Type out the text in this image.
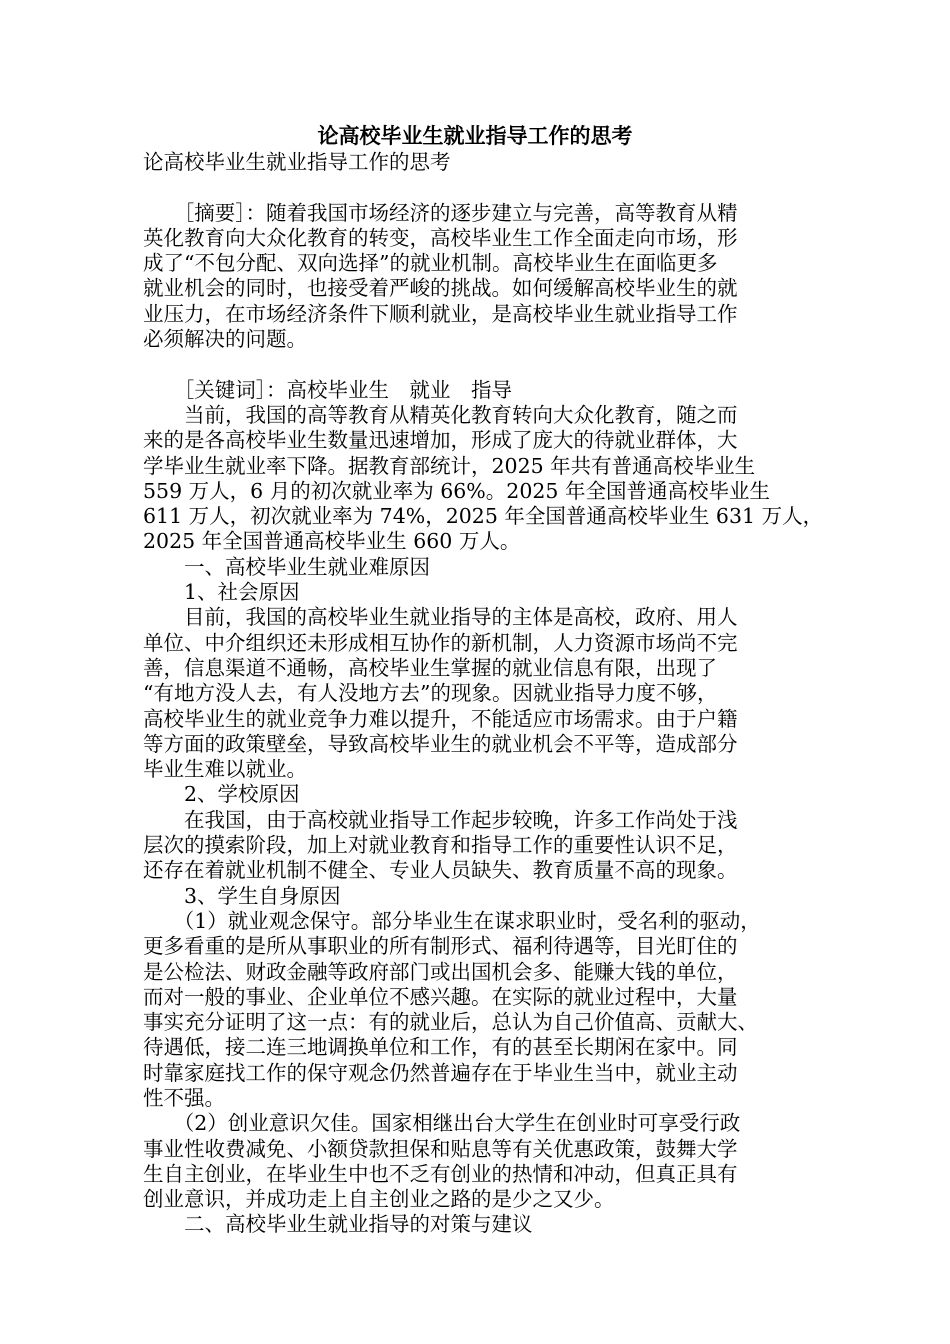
论高校毕业生就业指导工作的思考
论高校毕业生就业指导工作的思考
　　［摘要］：随着我国市场经济的逐步建立与完善，高等教育从精
英化教育向大众化教育的转变，高校毕业生工作全面走向市场，形
成了“不包分配、双向选择”的就业机制。高校毕业生在面临更多
就业机会的同时，也接受着严峻的挑战。如何缓解高校毕业生的就
业压力，在市场经济条件下顺利就业，是高校毕业生就业指导工作
必须解决的问题。
　　［关键词］：高校毕业生　就业　指导
　　当前，我国的高等教育从精英化教育转向大众化教育，随之而
来的是各高校毕业生数量迅速增加，形成了庞大的待就业群体，大
学毕业生就业率下降。据教育部统计，2025 年共有普通高校毕业生
559 万人，6 月的初次就业率为 66%。2025 年全国普通高校毕业生
611 万人，初次就业率为 74%，2025 年全国普通高校毕业生 631 万人，
2025 年全国普通高校毕业生 660 万人。
　　一、高校毕业生就业难原因
　　1、社会原因
　　目前，我国的高校毕业生就业指导的主体是高校，政府、用人
单位、中介组织还未形成相互协作的新机制，人力资源市场尚不完
善，信息渠道不通畅，高校毕业生掌握的就业信息有限，出现了
“有地方没人去，有人没地方去”的现象。因就业指导力度不够，
高校毕业生的就业竞争力难以提升，不能适应市场需求。由于户籍
等方面的政策壁垒，导致高校毕业生的就业机会不平等，造成部分
毕业生难以就业。
　　2、学校原因
　　在我国，由于高校就业指导工作起步较晚，许多工作尚处于浅
层次的摸索阶段，加上对就业教育和指导工作的重要性认识不足，
还存在着就业机制不健全、专业人员缺失、教育质量不高的现象。
　　3、学生自身原因
　　（1）就业观念保守。部分毕业生在谋求职业时，受名利的驱动，
更多看重的是所从事职业的所有制形式、福利待遇等，目光盯住的
是公检法、财政金融等政府部门或出国机会多、能赚大钱的单位，
而对一般的事业、企业单位不感兴趣。在实际的就业过程中，大量
事实充分证明了这一点：有的就业后，总认为自己价值高、贡献大、
待遇低，接二连三地调换单位和工作，有的甚至长期闲在家中。同
时靠家庭找工作的保守观念仍然普遍存在于毕业生当中，就业主动
性不强。
　　（2）创业意识欠佳。国家相继出台大学生在创业时可享受行政
事业性收费减免、小额贷款担保和贴息等有关优惠政策，鼓舞大学
生自主创业，在毕业生中也不乏有创业的热情和冲动，但真正具有
创业意识，并成功走上自主创业之路的是少之又少。
　　二、高校毕业生就业指导的对策与建议
